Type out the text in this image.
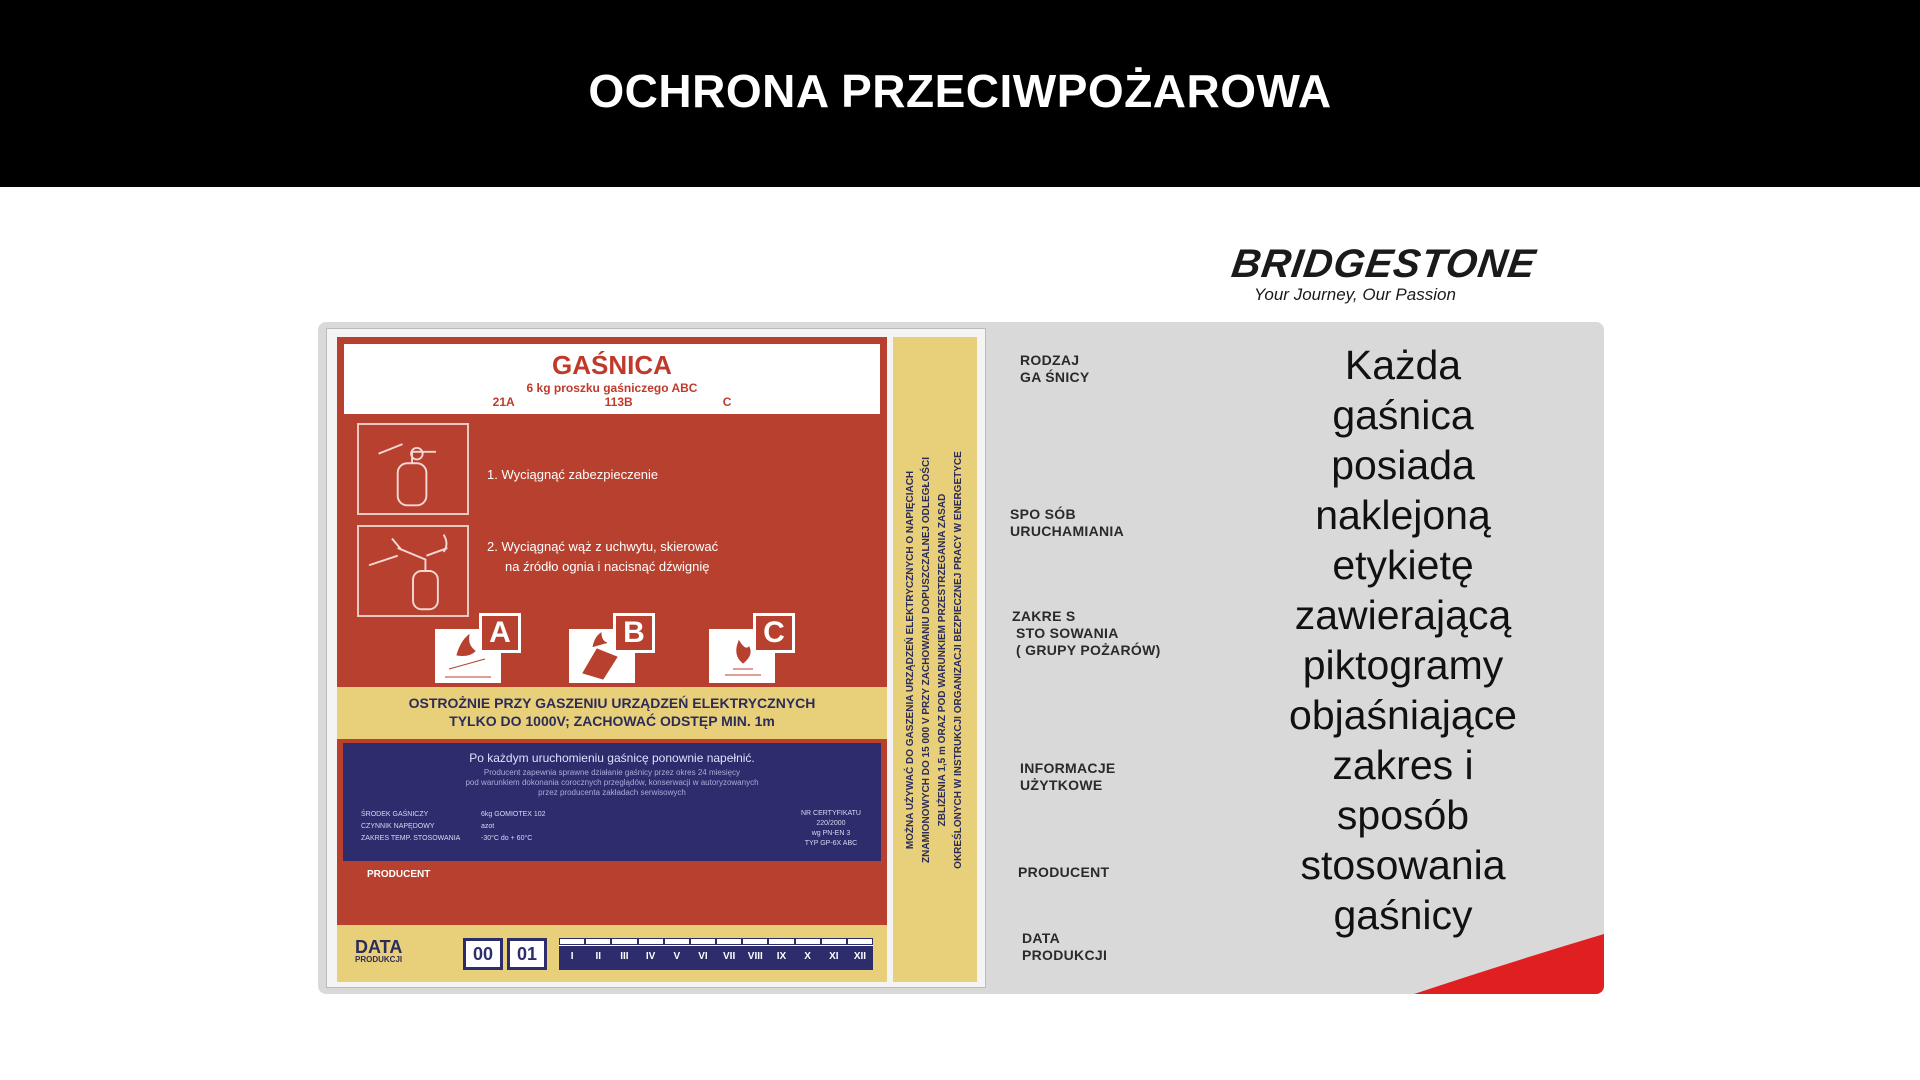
OCHRONA PRZECIWPOŻAROWA
BRIDGESTONE
Your Journey, Our Passion
GAŚNICA
6 kg proszku gaśniczego ABC
21A	113B	C
1. Wyciągnąć zabezpieczenie
2. Wyciągnąć wąż z uchwytu, skierować
na źródło ognia i nacisnąć dźwignię
A	B	C
OSTROŻNIE PRZY GASZENIU URZĄDZEŃ ELEKTRYCZNYCH
TYLKO DO 1000V; ZACHOWAĆ ODSTĘP MIN. 1m
Po każdym uruchomieniu gaśnicę ponownie napełnić.
Producent zapewnia sprawne działanie gaśnicy przez okres 24 miesięcy
pod warunkiem dokonania corocznych przeglądów, konserwacji w autoryzowanych
przez producenta zakładach serwisowych
ŚRODEK GAŚNICZY	6kg GOMIOTEX 102
CZYNNIK NAPĘDOWY	azot
ZAKRES TEMP. STOSOWANIA	-30°C do + 60°C
NR CERTYFIKATU
220/2000
wg PN-EN 3
TYP GP-6X ABC
PRODUCENT
DATA
PRODUKCJI	00	01	I	II	III	IV	V	VI	VII	VIII	IX	X	XI	XII
MOŻNA UŻYWAĆ DO GASZENIA URZĄDZEŃ ELEKTRYCZNYCH O NAPIĘCIACH ZNAMIONOWYCH DO 15 000 V PRZY ZACHOWANIU DOPUSZCZALNEJ ODLEGŁOŚCI ZBLIŻENIA 1,5 m ORAZ POD WARUNKIEM PRZESTRZEGANIA ZASAD OKREŚLONYCH W INSTRUKCJI ORGANIZACJI BEZPIECZNEJ PRACY W ENERGETYCE
RODZAJ
GA ŚNICY
SPO SÓB
URUCHAMIANIA
ZAKRE S
STO SOWANIA
( GRUPY POŻARÓW)
INFORMACJE
UŻYTKOWE
PRODUCENT
DATA
PRODUKCJI
Każda
gaśnica
posiada
naklejoną
etykietę
zawierającą
piktogramy
objaśniające
zakres i
sposób
stosowania
gaśnicy
